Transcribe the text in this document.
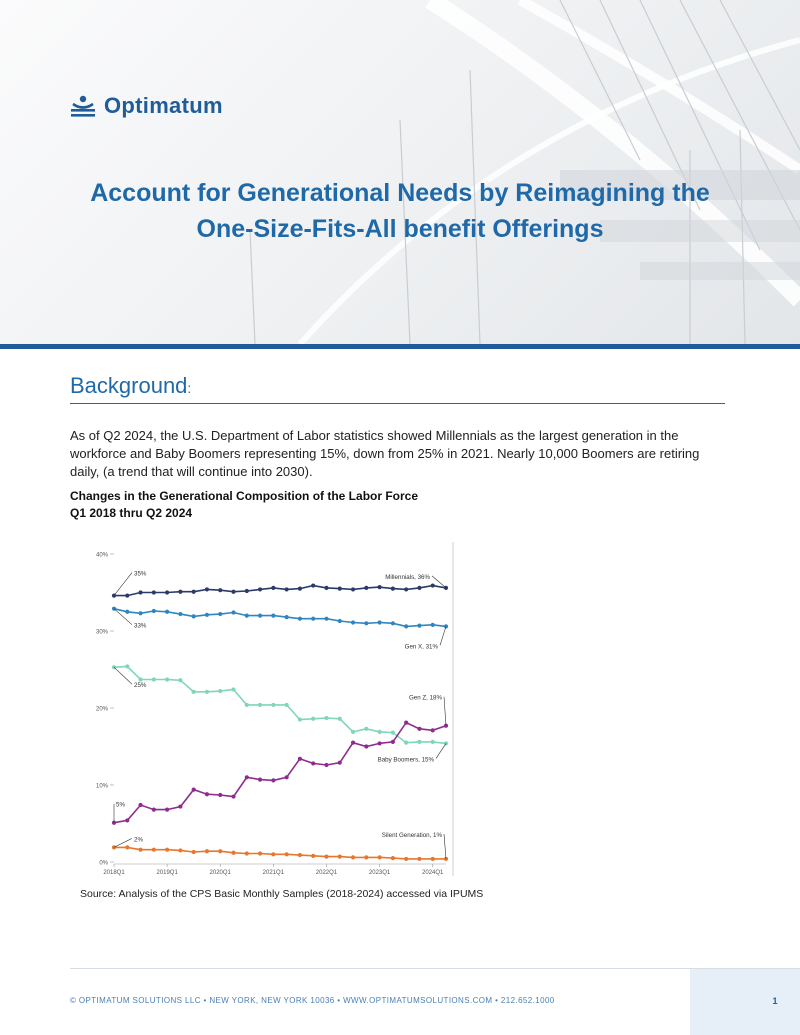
Optimatum
Account for Generational Needs by Reimagining the
One-Size-Fits-All benefit Offerings
Background:
As of Q2 2024, the U.S. Department of Labor statistics showed Millennials as the largest generation in the
workforce and Baby Boomers representing 15%, down from 25% in 2021. Nearly 10,000 Boomers are retiring
daily, (a trend that will continue into 2030).
Changes in the Generational Composition of the Labor Force
Q1 2018 thru Q2 2024
0%
10%
20%
30%
40%
2018Q1	2019Q1	2020Q1	2021Q1	2022Q1	2023Q1	2024Q1
35%	Millennials, 36%
33%
Gen X, 31%
25%
Baby Boomers, 15%
5%
Gen Z, 18%
2%
Silent Generation, 1%
Source: Analysis of the CPS Basic Monthly Samples (2018-2024) accessed via IPUMS
© OPTIMATUM SOLUTIONS LLC • NEW YORK, NEW YORK 10036 • WWW.OPTIMATUMSOLUTIONS.COM • 212.652.1000	1
